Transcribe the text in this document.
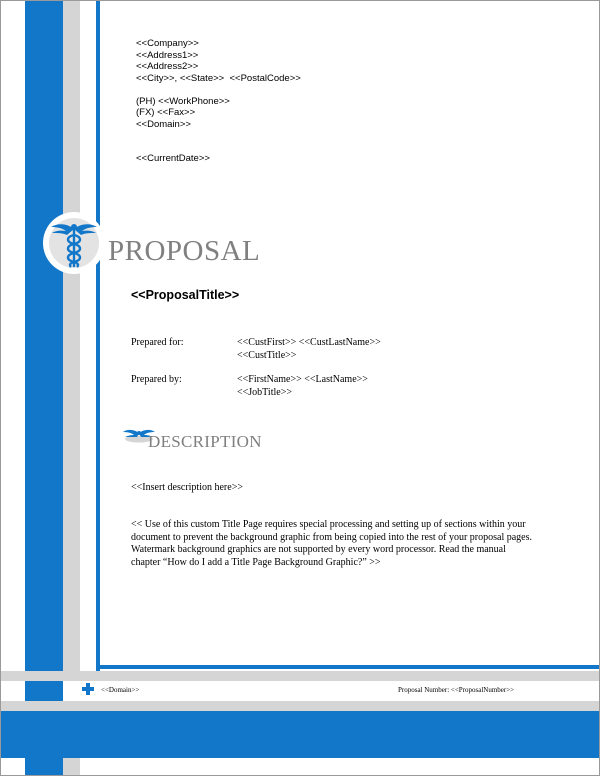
<<Company>>
<<Address1>>
<<Address2>>
<<City>>, <<State>>  <<PostalCode>>
(PH) <<WorkPhone>>
(FX) <<Fax>>
<<Domain>>
<<CurrentDate>>
PROPOSAL
<<ProposalTitle>>
Prepared for:	<<CustFirst>> <<CustLastName>>
<<CustTitle>>
Prepared by:	<<FirstName>> <<LastName>>
<<JobTitle>>
DESCRIPTION
<<Insert description here>>
<< Use of this custom Title Page requires special processing and setting up of sections within your document to prevent the background graphic from being copied into the rest of your proposal pages. Watermark background graphics are not supported by every word processor. Read the manual chapter “How do I add a Title Page Background Graphic?” >>
<<Domain>>	Proposal Number: <<ProposalNumber>>
